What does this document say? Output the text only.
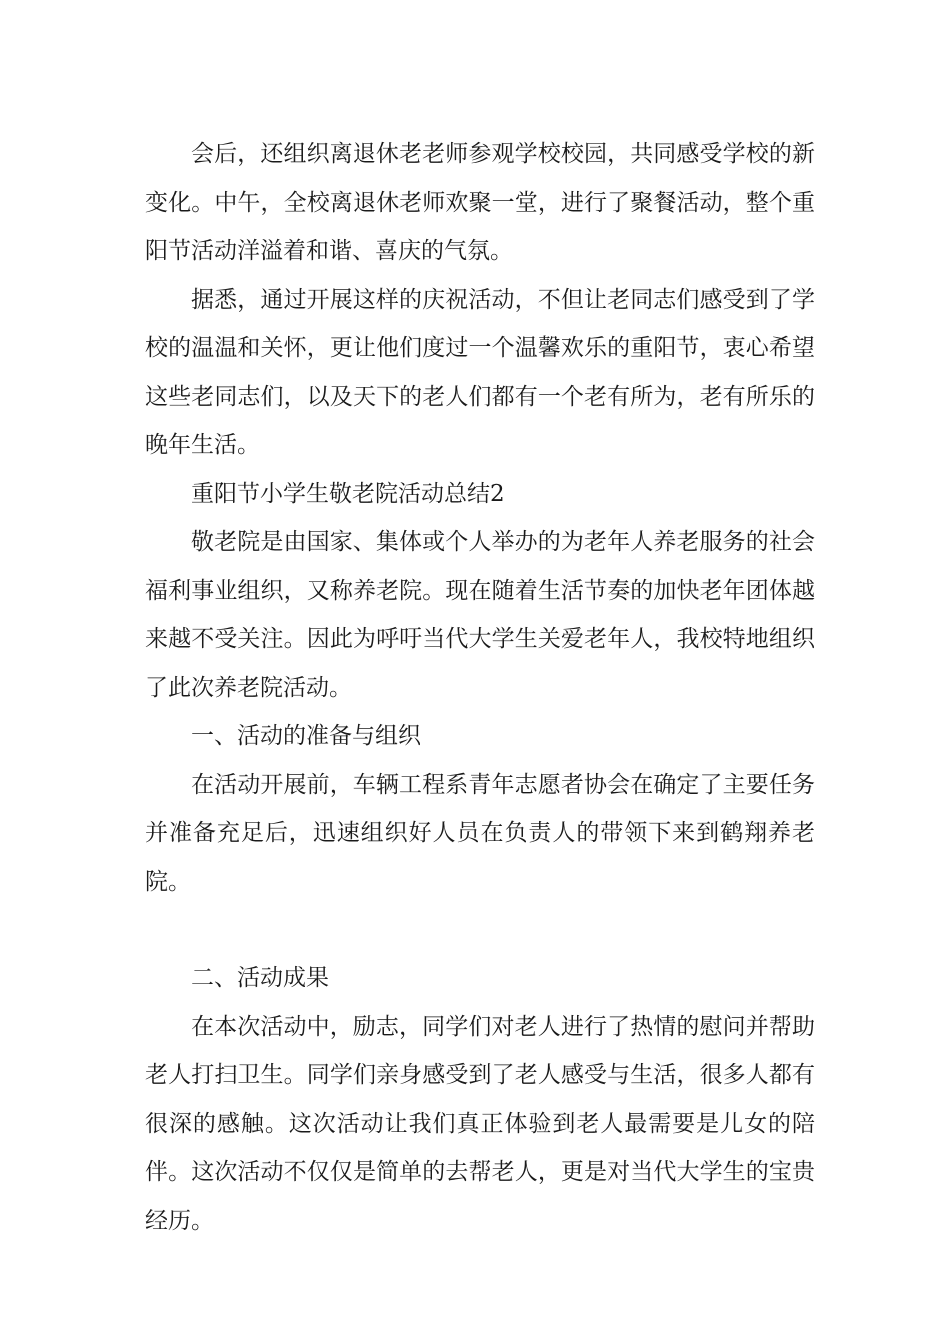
会后，还组织离退休老老师参观学校校园，共同感受学校的新变化。中午，全校离退休老师欢聚一堂，进行了聚餐活动，整个重阳节活动洋溢着和谐、喜庆的气氛。

据悉，通过开展这样的庆祝活动，不但让老同志们感受到了学校的温温和关怀，更让他们度过一个温馨欢乐的重阳节，衷心希望这些老同志们，以及天下的老人们都有一个老有所为，老有所乐的晚年生活。

重阳节小学生敬老院活动总结2

敬老院是由国家、集体或个人举办的为老年人养老服务的社会福利事业组织，又称养老院。现在随着生活节奏的加快老年团体越来越不受关注。因此为呼吁当代大学生关爱老年人，我校特地组织了此次养老院活动。

一、活动的准备与组织

在活动开展前，车辆工程系青年志愿者协会在确定了主要任务并准备充足后，迅速组织好人员在负责人的带领下来到鹤翔养老院。

二、活动成果

在本次活动中，励志，同学们对老人进行了热情的慰问并帮助老人打扫卫生。同学们亲身感受到了老人感受与生活，很多人都有很深的感触。这次活动让我们真正体验到老人最需要是儿女的陪伴。这次活动不仅仅是简单的去帮老人，更是对当代大学生的宝贵经历。
